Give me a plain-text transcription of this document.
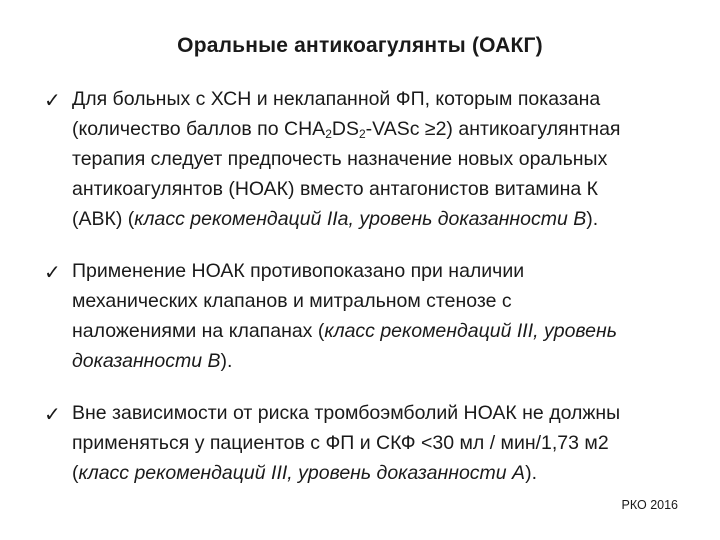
Оральные антикоагулянты (ОАКГ)
✓ Для больных с ХСН и неклапанной ФП, которым показана
(количество баллов по $CHA_2DS_2$-VASc ≥2) антикоагулянтная
терапия следует предпочесть назначение новых оральных
антикоагулянтов (НОАК) вместо антагонистов витамина К
(АВК) (класс рекомендаций IIa, уровень доказанности B).
✓ Применение НОАК противопоказано при наличии
механических клапанов и митральном стенозе с
наложениями на клапанах (класс рекомендаций III, уровень
доказанности B).
✓ Вне зависимости от риска тромбоэмболий НОАК не должны
применяться у пациентов с ФП и СКФ <30 мл / мин/1,73 м2
(класс рекомендаций III, уровень доказанности А).
РКО 2016
